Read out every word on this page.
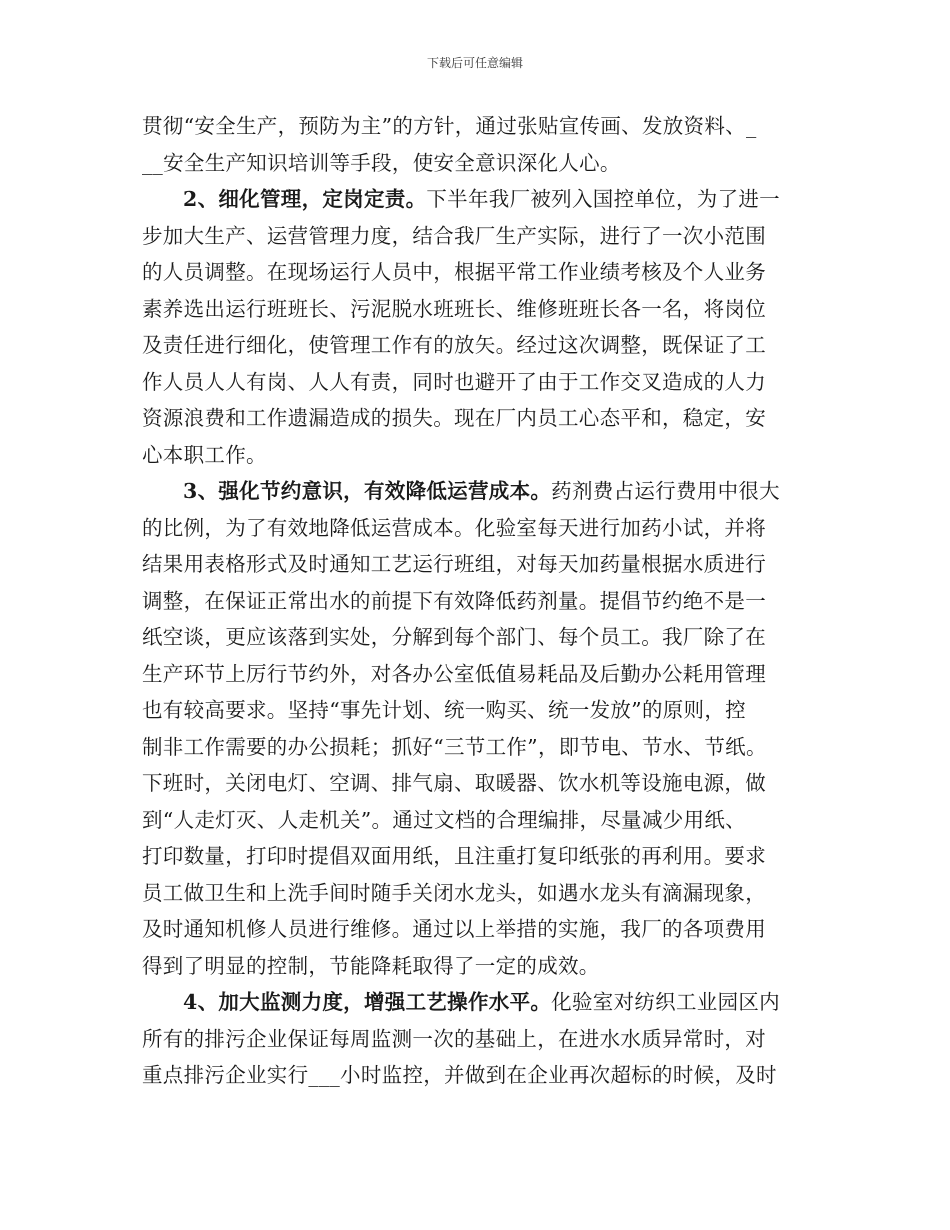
下载后可任意编辑
贯彻“安全生产，预防为主”的方针，通过张贴宣传画、发放资料、_
__安全生产知识培训等手段，使安全意识深化人心。
2、细化管理，定岗定责。下半年我厂被列入国控单位，为了进一
步加大生产、运营管理力度，结合我厂生产实际，进行了一次小范围
的人员调整。在现场运行人员中，根据平常工作业绩考核及个人业务
素养选出运行班班长、污泥脱水班班长、维修班班长各一名，将岗位
及责任进行细化，使管理工作有的放矢。经过这次调整，既保证了工
作人员人人有岗、人人有责，同时也避开了由于工作交叉造成的人力
资源浪费和工作遗漏造成的损失。现在厂内员工心态平和，稳定，安
心本职工作。
3、强化节约意识，有效降低运营成本。药剂费占运行费用中很大
的比例，为了有效地降低运营成本。化验室每天进行加药小试，并将
结果用表格形式及时通知工艺运行班组，对每天加药量根据水质进行
调整，在保证正常出水的前提下有效降低药剂量。提倡节约绝不是一
纸空谈，更应该落到实处，分解到每个部门、每个员工。我厂除了在
生产环节上厉行节约外，对各办公室低值易耗品及后勤办公耗用管理
也有较高要求。坚持“事先计划、统一购买、统一发放”的原则，控
制非工作需要的办公损耗；抓好“三节工作”，即节电、节水、节纸。
下班时，关闭电灯、空调、排气扇、取暖器、饮水机等设施电源，做
到“人走灯灭、人走机关”。通过文档的合理编排，尽量减少用纸、
打印数量，打印时提倡双面用纸，且注重打复印纸张的再利用。要求
员工做卫生和上洗手间时随手关闭水龙头，如遇水龙头有滴漏现象，
及时通知机修人员进行维修。通过以上举措的实施，我厂的各项费用
得到了明显的控制，节能降耗取得了一定的成效。
4、加大监测力度，增强工艺操作水平。化验室对纺织工业园区内
所有的排污企业保证每周监测一次的基础上，在进水水质异常时，对
重点排污企业实行___小时监控，并做到在企业再次超标的时候，及时
